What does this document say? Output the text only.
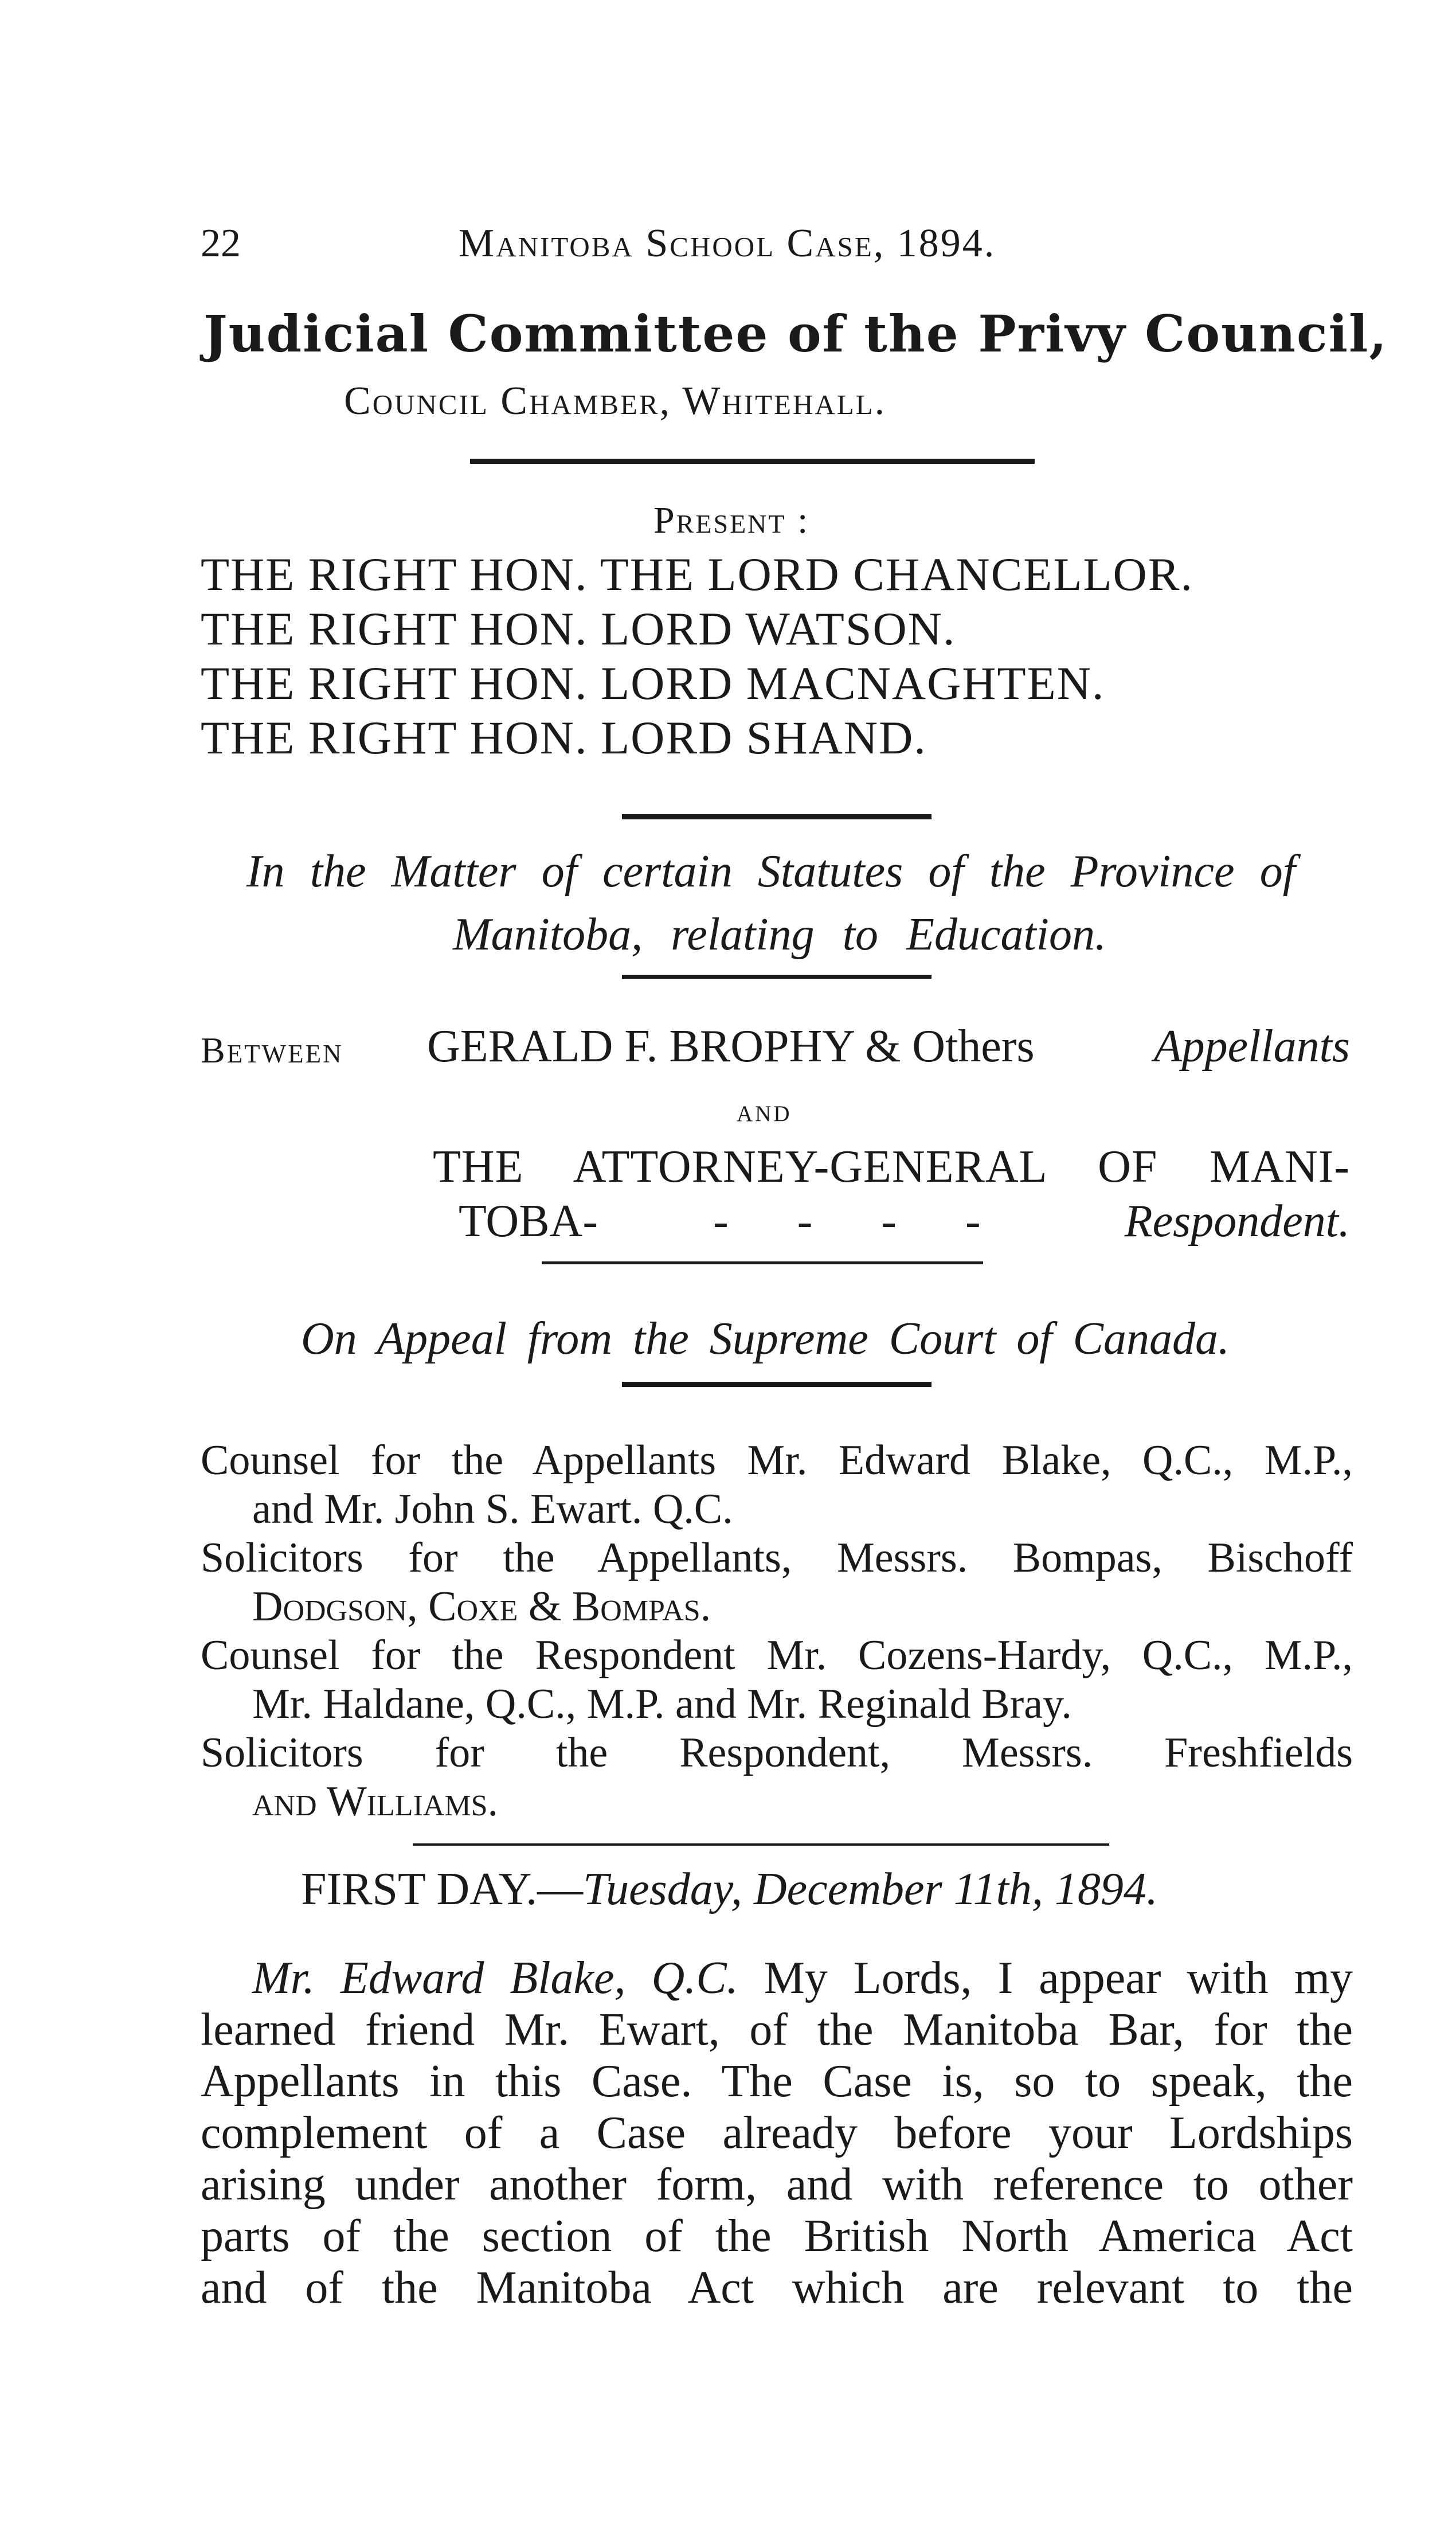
22	Manitoba School Case, 1894.
Judicial Committee of the Privy Council,
Council Chamber, Whitehall.
Present :
THE RIGHT HON. THE LORD CHANCELLOR.
THE RIGHT HON. LORD WATSON.
THE RIGHT HON. LORD MACNAGHTEN.
THE RIGHT HON. LORD SHAND.
In the Matter of certain Statutes of the Province of
Manitoba, relating to Education.
Between GERALD F. BROPHY & Others	Appellants
and
THE ATTORNEY-GENERAL OF MANI-
TOBA-	- - - -	Respondent.
On Appeal from the Supreme Court of Canada.
Counsel for the Appellants Mr. Edward Blake, Q.C., M.P.,
and Mr. John S. Ewart. Q.C.
Solicitors for the Appellants, Messrs. Bompas, Bischoff
Dodgson, Coxe & Bompas.
Counsel for the Respondent Mr. Cozens-Hardy, Q.C., M.P.,
Mr. Haldane, Q.C., M.P. and Mr. Reginald Bray.
Solicitors for the Respondent, Messrs. Freshfields
and Williams.
FIRST DAY.—Tuesday, December 11th, 1894.
Mr. Edward Blake, Q.C. My Lords, I appear with my
learned friend Mr. Ewart, of the Manitoba Bar, for the
Appellants in this Case. The Case is, so to speak, the
complement of a Case already before your Lordships
arising under another form, and with reference to other
parts of the section of the British North America Act
and of the Manitoba Act which are relevant to the
